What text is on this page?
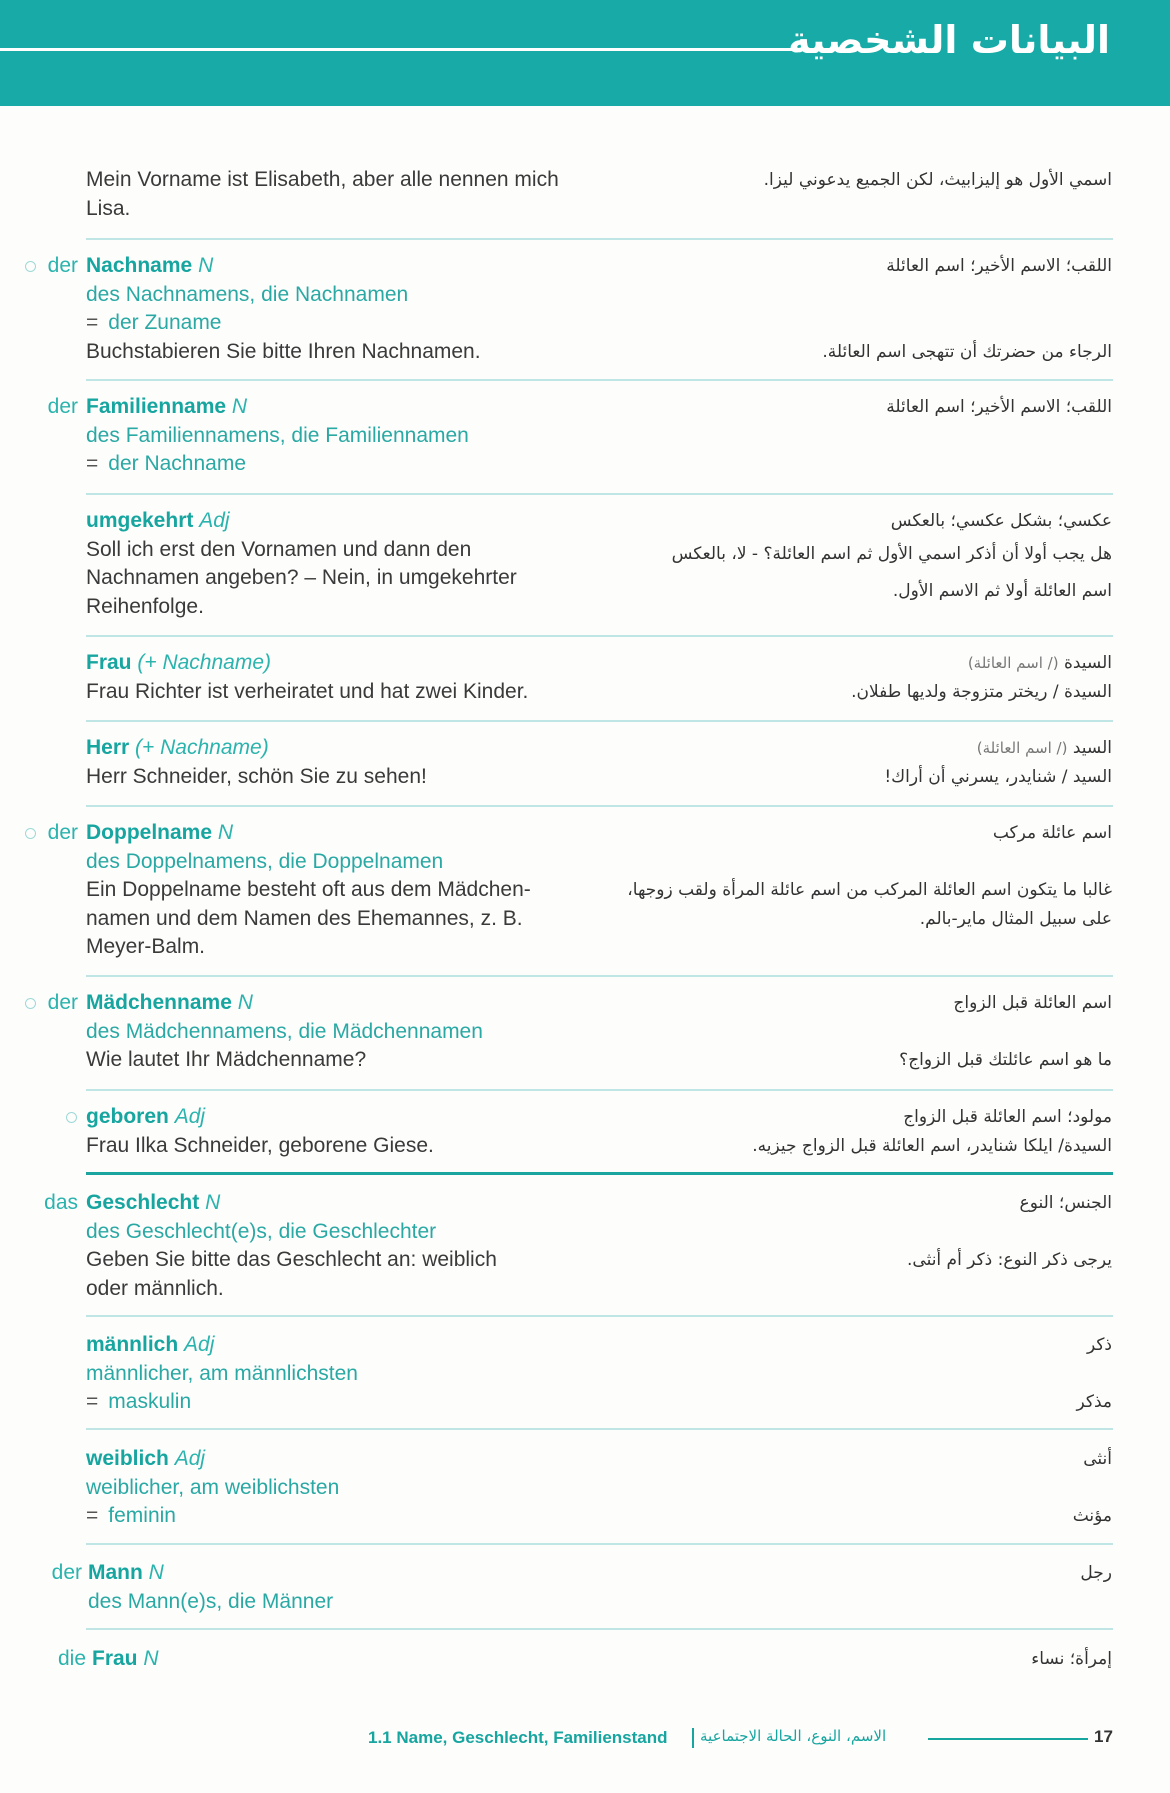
البيانات الشخصية
Mein Vorname ist Elisabeth, aber alle nennen mich
Lisa.
اسمي الأول هو إليزابيث، لكن الجميع يدعوني ليزا.
der Nachname N
des Nachnamens, die Nachnamen
= der Zuname
Buchstabieren Sie bitte Ihren Nachnamen.
اللقب؛ الاسم الأخير؛ اسم العائلة

الرجاء من حضرتك أن تتهجى اسم العائلة.
der Familienname N
des Familiennamens, die Familiennamen
= der Nachname
اللقب؛ الاسم الأخير؛ اسم العائلة
umgekehrt Adj
Soll ich erst den Vornamen und dann den
Nachnamen angeben? – Nein, in umgekehrter
Reihenfolge.
عكسي؛ بشكل عكسي؛ بالعكس
هل يجب أولا أن أذكر اسمي الأول ثم اسم العائلة؟ - لا، بالعكس
اسم العائلة أولا ثم الاسم الأول.
Frau (+ Nachname)
Frau Richter ist verheiratet und hat zwei Kinder.
السيدة (/ اسم العائلة)
السيدة / ريختر متزوجة ولديها طفلان.
Herr (+ Nachname)
Herr Schneider, schön Sie zu sehen!
السيد (/ اسم العائلة)
السيد / شنايدر، يسرني أن أراك!
der Doppelname N
des Doppelnamens, die Doppelnamen
Ein Doppelname besteht oft aus dem Mädchen-
namen und dem Namen des Ehemannes, z. B.
Meyer-Balm.
اسم عائلة مركب

غالبا ما يتكون اسم العائلة المركب من اسم عائلة المرأة ولقب زوجها،
على سبيل المثال ماير-بالم.
der Mädchenname N
des Mädchennamens, die Mädchennamen
Wie lautet Ihr Mädchenname?
اسم العائلة قبل الزواج

ما هو اسم عائلتك قبل الزواج؟
geboren Adj
Frau Ilka Schneider, geborene Giese.
مولود؛ اسم العائلة قبل الزواج
السيدة/ ايلكا شنايدر، اسم العائلة قبل الزواج جيزيه.
das Geschlecht N
des Geschlecht(e)s, die Geschlechter
Geben Sie bitte das Geschlecht an: weiblich
oder männlich.
الجنس؛ النوع

يرجى ذكر النوع: ذكر أم أنثى.
männlich Adj
männlicher, am männlichsten
= maskulin
ذكر

مذكر
weiblich Adj
weiblicher, am weiblichsten
= feminin
أنثى

مؤنث
der Mann N
des Mann(e)s, die Männer
رجل
die Frau N	إمرأة؛ نساء
1.1 Name, Geschlecht, Familienstand الاسم، النوع، الحالة الاجتماعية	17
